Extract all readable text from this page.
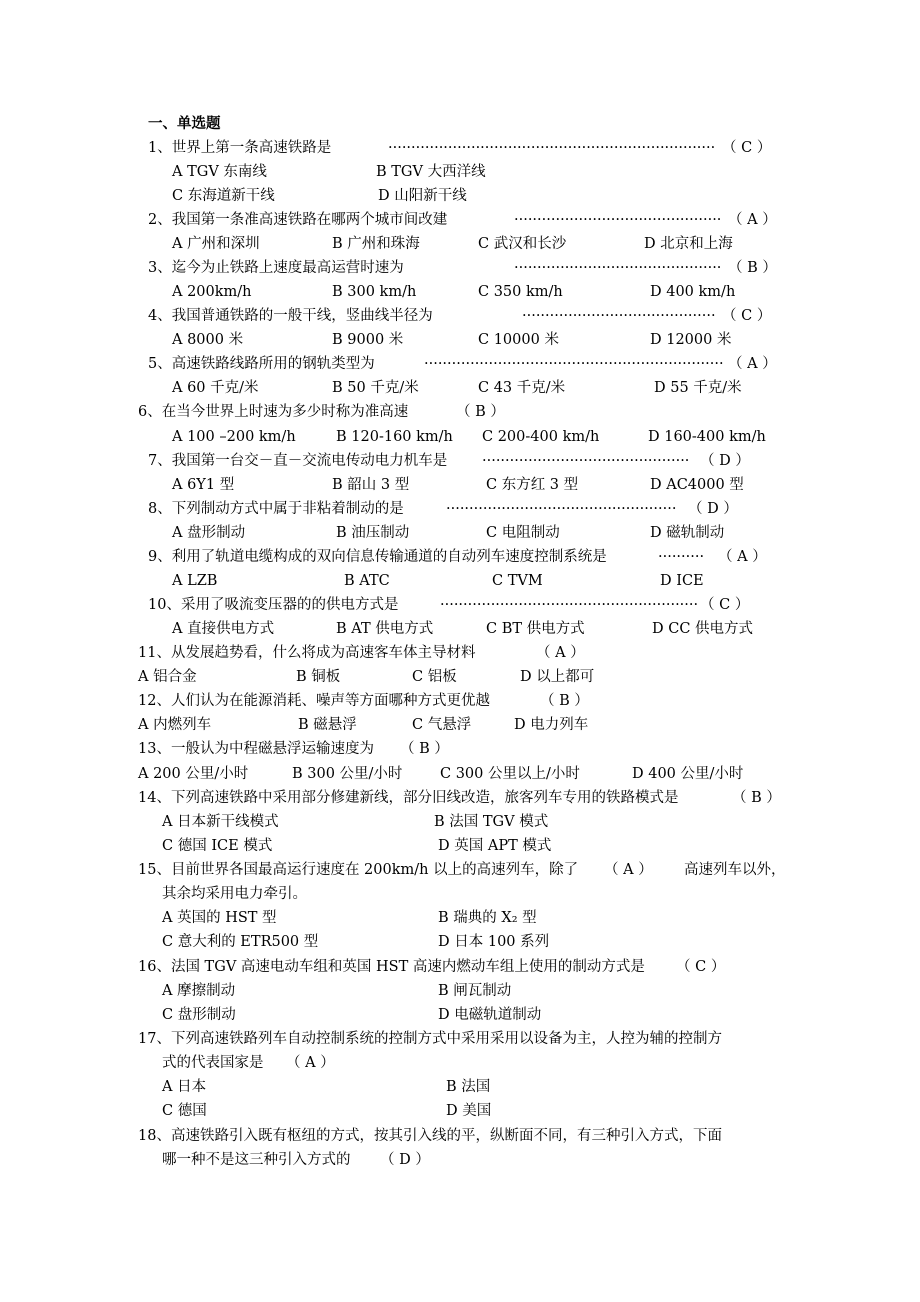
一、单选题
1、世界上第一条高速铁路是	······································································· （ C ）
A TGV 东南线	B TGV 大西洋线
C 东海道新干线	D 山阳新干线
2、我国第一条准高速铁路在哪两个城市间改建	············································· （ A ）
A 广州和深圳	B 广州和珠海	C 武汉和长沙	D 北京和上海
3、迄今为止铁路上速度最高运营时速为	············································· （ B ）
A 200km/h	B 300 km/h	C 350 km/h	D 400 km/h
4、我国普通铁路的一般干线，竖曲线半径为	·········································· （ C ）
A 8000 米	B 9000 米	C 10000 米	D 12000 米
5、高速铁路线路所用的钢轨类型为	································································· （ A ）
A 60 千克/米	B 50 千克/米	C 43 千克/米	D 55 千克/米
6、在当今世界上时速为多少时称为准高速	（ B ）
A 100 –200 km/h	B 120-160 km/h C 200-400 km/h	D 160-400 km/h
7、我国第一台交－直－交流电传动电力机车是 ············································· （ D ）
A 6Y1 型	B 韶山 3 型	C 东方红 3 型	D AC4000 型
8、下列制动方式中属于非粘着制动的是	·················································· （ D ）
A 盘形制动	B 油压制动	C 电阻制动	D 磁轨制动
9、利用了轨道电缆构成的双向信息传输通道的自动列车速度控制系统是	·········· （ A ）
A LZB	B ATC	C TVM	D ICE
10、采用了吸流变压器的的供电方式是	························································ （ C ）
A 直接供电方式	B AT 供电方式	C BT 供电方式	D CC 供电方式
11、从发展趋势看，什么将成为高速客车体主导材料	（ A ）
A 铝合金	B 铜板	C 铝板	D 以上都可
12、人们认为在能源消耗、噪声等方面哪种方式更优越	（ B ）
A 内燃列车	B 磁悬浮	C 气悬浮	D 电力列车
13、一般认为中程磁悬浮运输速度为 （ B ）
A 200 公里/小时	B 300 公里/小时	C 300 公里以上/小时	D 400 公里/小时
14、下列高速铁路中采用部分修建新线，部分旧线改造，旅客列车专用的铁路模式是	（ B ）
A 日本新干线模式	B 法国 TGV 模式
C 德国 ICE 模式	D 英国 APT 模式
15、目前世界各国最高运行速度在 200km/h 以上的高速列车，除了 （ A ） 高速列车以外，
其余均采用电力牵引。
A 英国的 HST 型	B 瑞典的 X₂ 型
C 意大利的 ETR500 型	D 日本 100 系列
16、法国 TGV 高速电动车组和英国 HST 高速内燃动车组上使用的制动方式是 （ C ）
A 摩擦制动	B 闸瓦制动
C 盘形制动	D 电磁轨道制动
17、下列高速铁路列车自动控制系统的控制方式中采用采用以设备为主，人控为辅的控制方
式的代表国家是 （ A ）
A 日本	B 法国
C 德国	D 美国
18、高速铁路引入既有枢纽的方式，按其引入线的平，纵断面不同，有三种引入方式，下面
哪一种不是这三种引入方式的 （ D ）
